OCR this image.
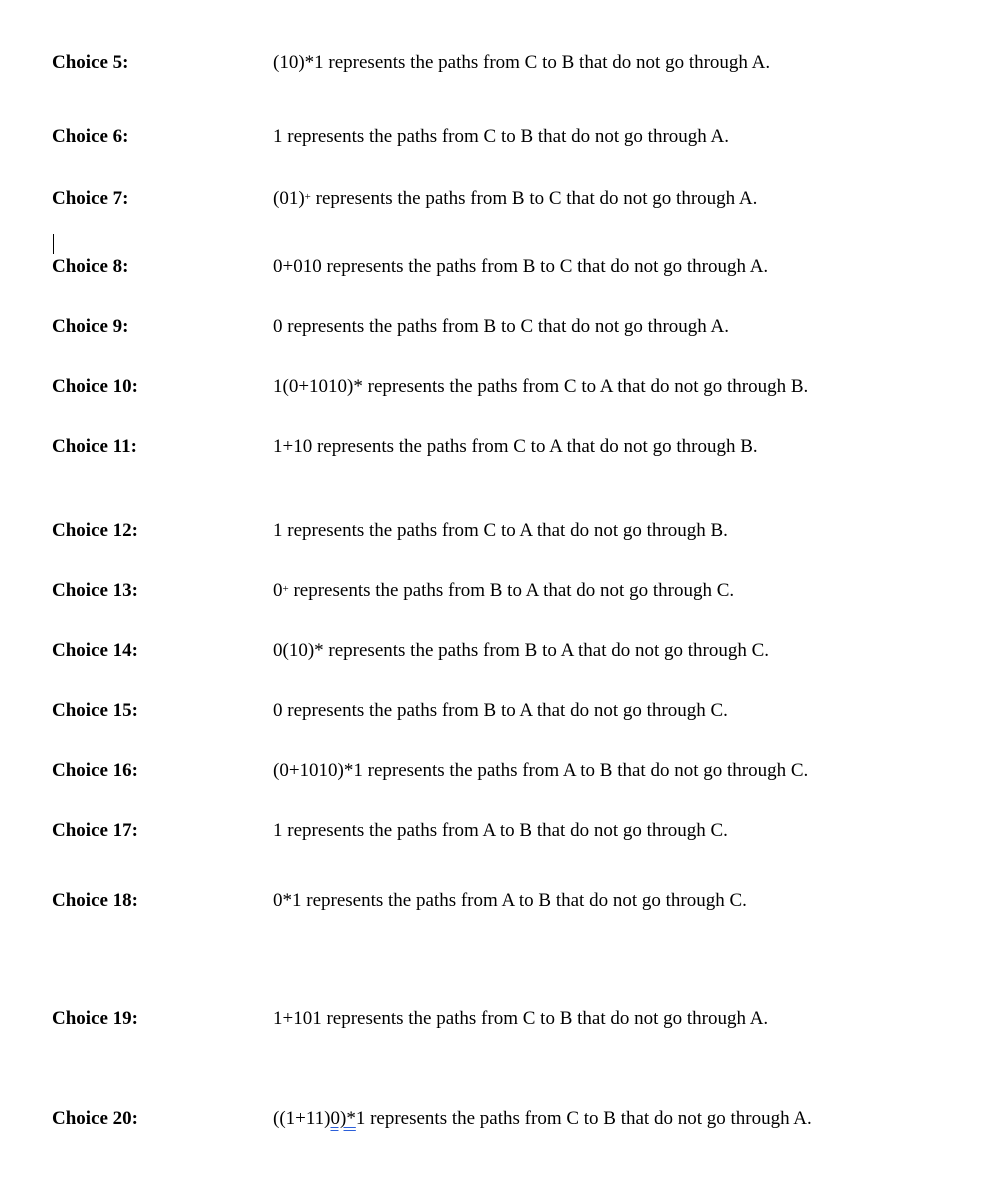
Choice 5:	(10)*1 represents the paths from C to B that do not go through A.
Choice 6:	1 represents the paths from C to B that do not go through A.
Choice 7:	(01)+ represents the paths from B to C that do not go through A.
Choice 8:	0+010 represents the paths from B to C that do not go through A.
Choice 9:	0 represents the paths from B to C that do not go through A.
Choice 10:	1(0+1010)* represents the paths from C to A that do not go through B.
Choice 11:	1+10 represents the paths from C to A that do not go through B.
Choice 12:	1 represents the paths from C to A that do not go through B.
Choice 13:	0+ represents the paths from B to A that do not go through C.
Choice 14:	0(10)* represents the paths from B to A that do not go through C.
Choice 15:	0 represents the paths from B to A that do not go through C.
Choice 16:	(0+1010)*1 represents the paths from A to B that do not go through C.
Choice 17:	1 represents the paths from A to B that do not go through C.
Choice 18:	0*1 represents the paths from A to B that do not go through C.
Choice 19:	1+101 represents the paths from C to B that do not go through A.
Choice 20:	((1+11)0)*1 represents the paths from C to B that do not go through A.
